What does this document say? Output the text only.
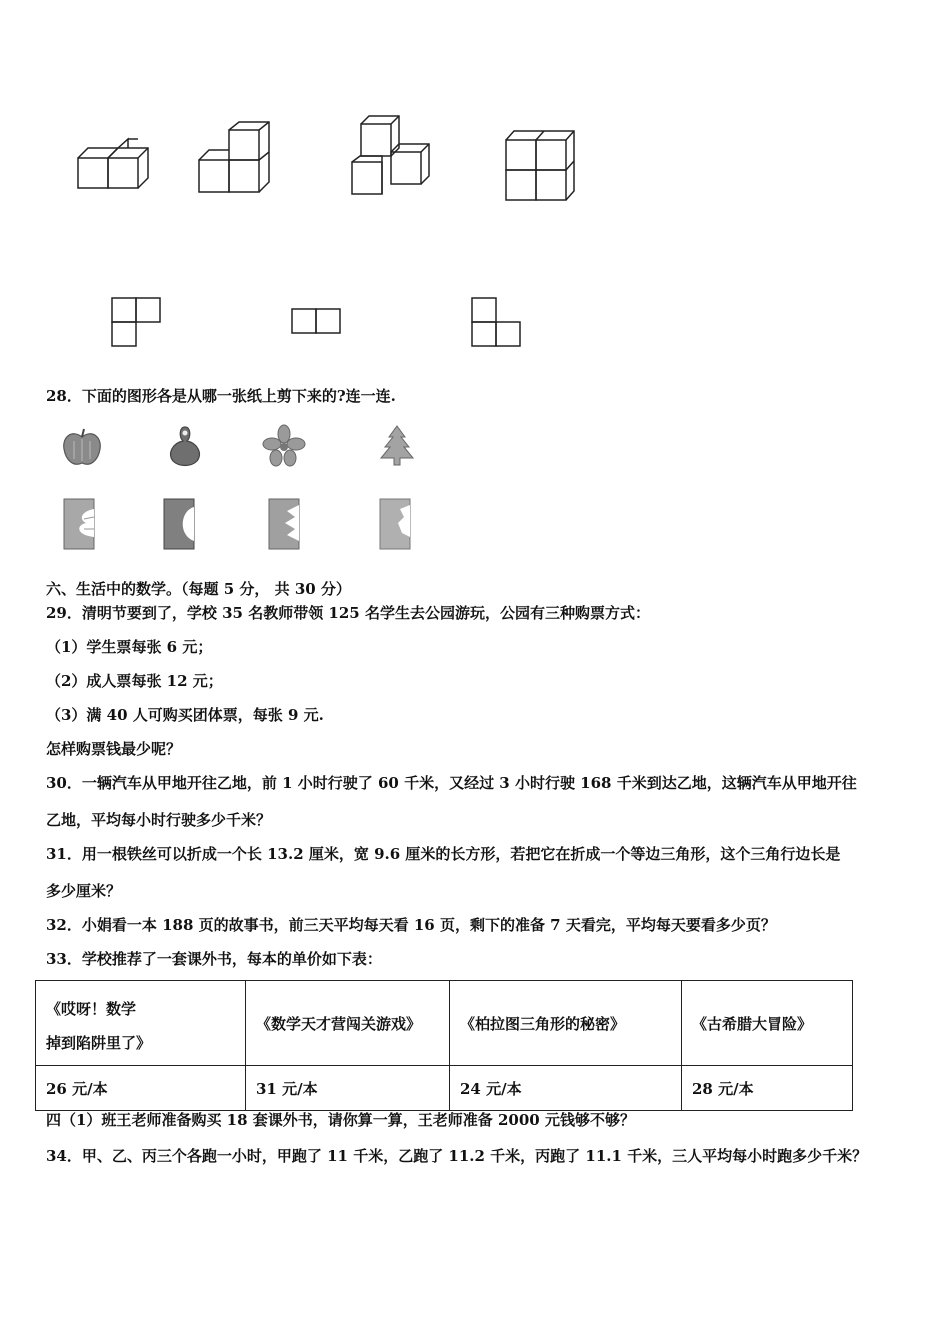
28．下面的图形各是从哪一张纸上剪下来的?连一连.
六、生活中的数学。（每题 5 分， 共 30 分）
29．清明节要到了，学校 35 名教师带领 125 名学生去公园游玩，公园有三种购票方式：
（1）学生票每张 6 元；
（2）成人票每张 12 元；
（3）满 40 人可购买团体票，每张 9 元.
怎样购票钱最少呢？
30．一辆汽车从甲地开往乙地，前 1 小时行驶了 60 千米，又经过 3 小时行驶 168 千米到达乙地，这辆汽车从甲地开往
乙地，平均每小时行驶多少千米？
31．用一根铁丝可以折成一个长 13.2 厘米，宽 9.6 厘米的长方形，若把它在折成一个等边三角形，这个三角行边长是
多少厘米？
32．小娟看一本 188 页的故事书，前三天平均每天看 16 页，剩下的准备 7 天看完，平均每天要看多少页？
33．学校推荐了一套课外书，每本的单价如下表：
《哎呀！数学
掉到陷阱里了》	《数学天才营闯关游戏》	《柏拉图三角形的秘密》	《古希腊大冒险》
26 元/本	31 元/本	24 元/本	28 元/本
四（1）班王老师准备购买 18 套课外书，请你算一算，王老师准备 2000 元钱够不够？
34．甲、乙、丙三个各跑一小时，甲跑了 11 千米，乙跑了 11.2 千米，丙跑了 11.1 千米，三人平均每小时跑多少千米？
